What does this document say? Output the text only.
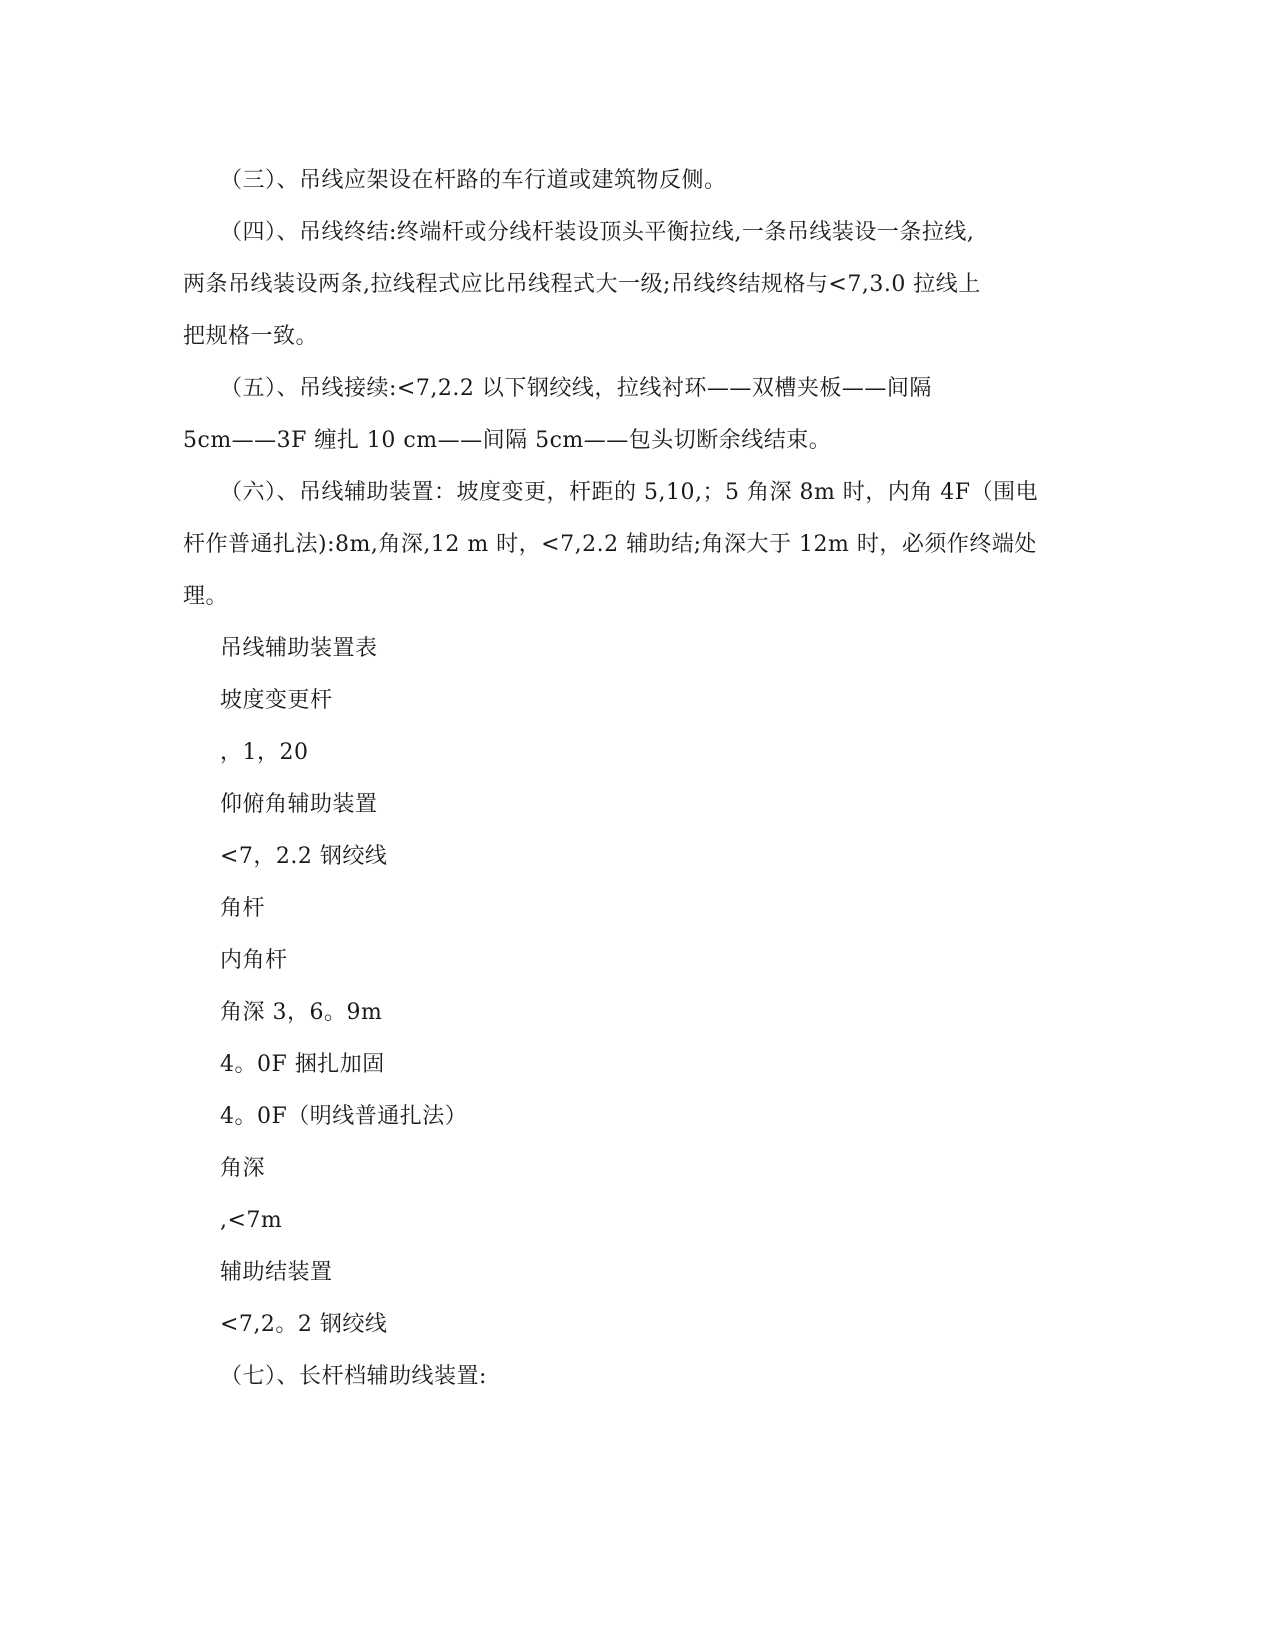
（三）、吊线应架设在杆路的车行道或建筑物反侧。
（四）、吊线终结:终端杆或分线杆装设顶头平衡拉线,一条吊线装设一条拉线,
两条吊线装设两条,拉线程式应比吊线程式大一级;吊线终结规格与<7,3.0 拉线上
把规格一致。
（五）、吊线接续:<7,2.2 以下钢绞线，拉线衬环——双槽夹板——间隔
5cm——3F 缠扎 10 cm——间隔 5cm——包头切断余线结束。
（六）、吊线辅助装置：坡度变更，杆距的 5,10,；5 角深 8m 时，内角 4F（围电
杆作普通扎法):8m,角深,12 m 时，<7,2.2 辅助结;角深大于 12m 时，必须作终端处
理。
吊线辅助装置表
坡度变更杆
，1，20
仰俯角辅助装置
<7，2.2 钢绞线
角杆
内角杆
角深 3，6。9m
4。0F 捆扎加固
4。0F（明线普通扎法）
角深
,<7m
辅助结装置
<7,2。2 钢绞线
（七）、长杆档辅助线装置:
